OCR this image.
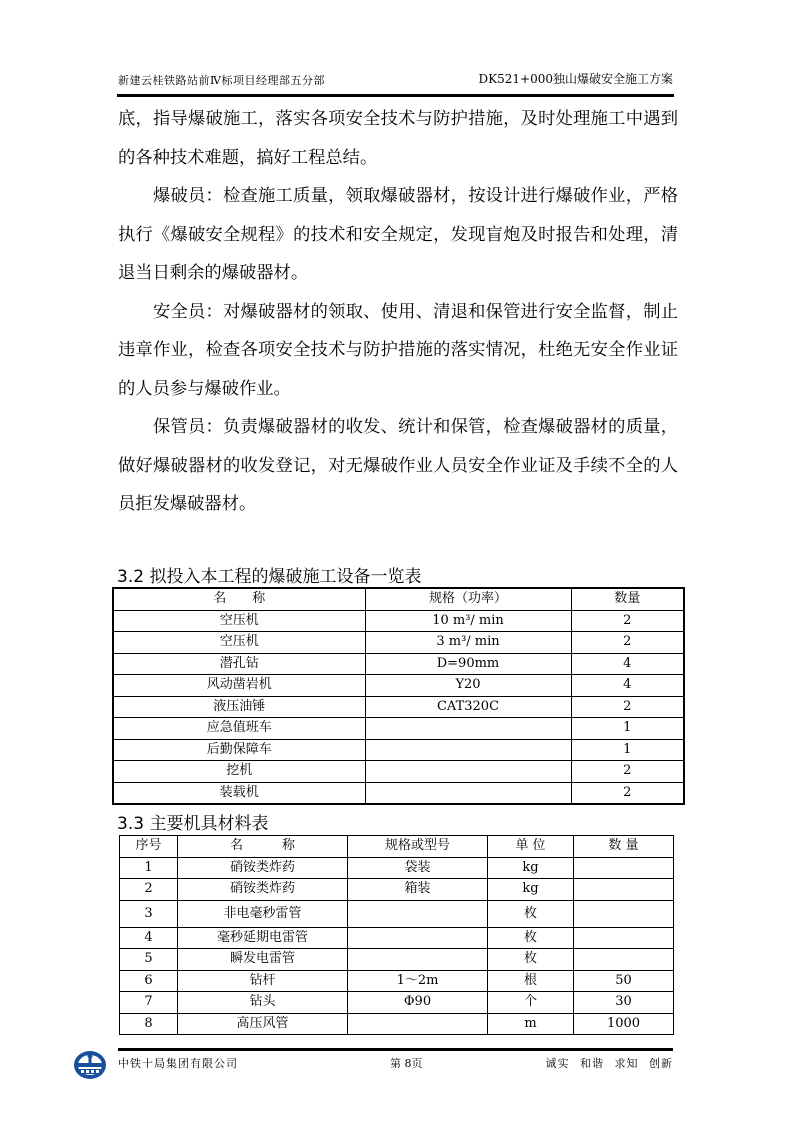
新建云桂铁路站前Ⅳ标项目经理部五分部	DK521+000独山爆破安全施工方案

底，指导爆破施工，落实各项安全技术与防护措施，及时处理施工中遇到的各种技术难题，搞好工程总结。

爆破员：检查施工质量，领取爆破器材，按设计进行爆破作业，严格执行《爆破安全规程》的技术和安全规定，发现盲炮及时报告和处理，清退当日剩余的爆破器材。

安全员：对爆破器材的领取、使用、清退和保管进行安全监督，制止违章作业，检查各项安全技术与防护措施的落实情况，杜绝无安全作业证的人员参与爆破作业。

保管员：负责爆破器材的收发、统计和保管，检查爆破器材的质量，做好爆破器材的收发登记，对无爆破作业人员安全作业证及手续不全的人员拒发爆破器材。

3.2 拟投入本工程的爆破施工设备一览表
名　　称	规格（功率）	数量
空压机	10 m³/ min	2
空压机	3 m³/ min	2
潜孔钻	D=90mm	4
风动凿岩机	Y20	4
液压油锤	CAT320C	2
应急值班车		1
后勤保障车		1
挖机		2
装载机		2
3.3 主要机具材料表
序号	名　　　称	规格或型号	单 位	数 量
1	硝铵类炸药	袋装	kg	
2	硝铵类炸药	箱装	kg	
3	非电毫秒雷管		枚	
4	毫秒延期电雷管		枚	
5	瞬发电雷管		枚	
6	钻杆	1～2m	根	50
7	钻头	Φ90	个	30
8	高压风管		m	1000
中铁十局集团有限公司	第 8页	诚实 和谐 求知 创新
